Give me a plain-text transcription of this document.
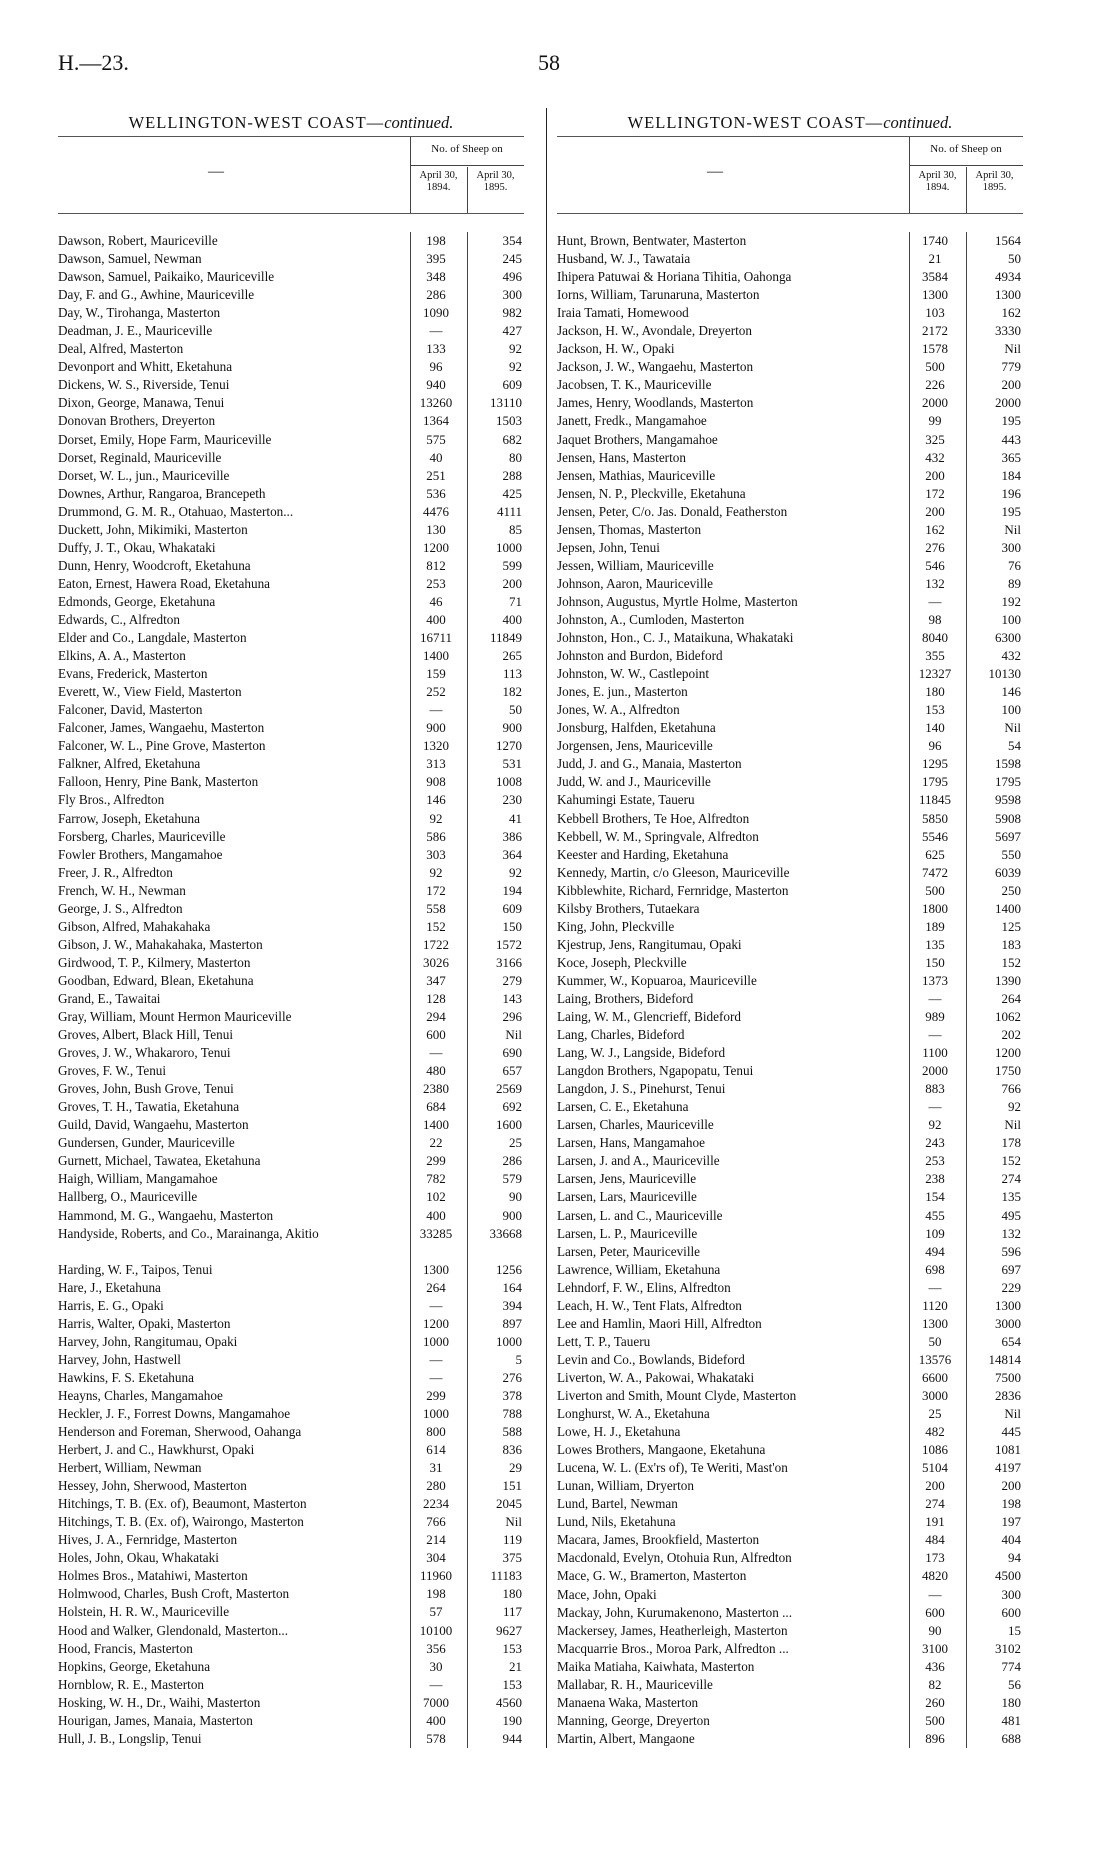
H.—23.	58
WELLINGTON-WEST COAST—continued.
—
No. of Sheep on
April 30, 1894.
April 30, 1895.
Dawson, Robert, Mauriceville	198	354
Dawson, Samuel, Newman	395	245
Dawson, Samuel, Paikaiko, Mauriceville	348	496
Day, F. and G., Awhine, Mauriceville	286	300
Day, W., Tirohanga, Masterton	1090	982
Deadman, J. E., Mauriceville	—	427
Deal, Alfred, Masterton	133	92
Devonport and Whitt, Eketahuna	96	92
Dickens, W. S., Riverside, Tenui	940	609
Dixon, George, Manawa, Tenui	13260	13110
Donovan Brothers, Dreyerton	1364	1503
Dorset, Emily, Hope Farm, Mauriceville	575	682
Dorset, Reginald, Mauriceville	40	80
Dorset, W. L., jun., Mauriceville	251	288
Downes, Arthur, Rangaroa, Brancepeth	536	425
Drummond, G. M. R., Otahuao, Masterton...	4476	4111
Duckett, John, Mikimiki, Masterton	130	85
Duffy, J. T., Okau, Whakataki	1200	1000
Dunn, Henry, Woodcroft, Eketahuna	812	599
Eaton, Ernest, Hawera Road, Eketahuna	253	200
Edmonds, George, Eketahuna	46	71
Edwards, C., Alfredton	400	400
Elder and Co., Langdale, Masterton	16711	11849
Elkins, A. A., Masterton	1400	265
Evans, Frederick, Masterton	159	113
Everett, W., View Field, Masterton	252	182
Falconer, David, Masterton	—	50
Falconer, James, Wangaehu, Masterton	900	900
Falconer, W. L., Pine Grove, Masterton	1320	1270
Falkner, Alfred, Eketahuna	313	531
Falloon, Henry, Pine Bank, Masterton	908	1008
Fly Bros., Alfredton	146	230
Farrow, Joseph, Eketahuna	92	41
Forsberg, Charles, Mauriceville	586	386
Fowler Brothers, Mangamahoe	303	364
Freer, J. R., Alfredton	92	92
French, W. H., Newman	172	194
George, J. S., Alfredton	558	609
Gibson, Alfred, Mahakahaka	152	150
Gibson, J. W., Mahakahaka, Masterton	1722	1572
Girdwood, T. P., Kilmery, Masterton	3026	3166
Goodban, Edward, Blean, Eketahuna	347	279
Grand, E., Tawaitai	128	143
Gray, William, Mount Hermon Mauriceville	294	296
Groves, Albert, Black Hill, Tenui	600	Nil
Groves, J. W., Whakaroro, Tenui	—	690
Groves, F. W., Tenui	480	657
Groves, John, Bush Grove, Tenui	2380	2569
Groves, T. H., Tawatia, Eketahuna	684	692
Guild, David, Wangaehu, Masterton	1400	1600
Gundersen, Gunder, Mauriceville	22	25
Gurnett, Michael, Tawatea, Eketahuna	299	286
Haigh, William, Mangamahoe	782	579
Hallberg, O., Mauriceville	102	90
Hammond, M. G., Wangaehu, Masterton	400	900
Handyside, Roberts, and Co., Marainanga, Akitio	33285	33668
Harding, W. F., Taipos, Tenui	1300	1256
Hare, J., Eketahuna	264	164
Harris, E. G., Opaki	—	394
Harris, Walter, Opaki, Masterton	1200	897
Harvey, John, Rangitumau, Opaki	1000	1000
Harvey, John, Hastwell	—	5
Hawkins, F. S. Eketahuna	—	276
Heayns, Charles, Mangamahoe	299	378
Heckler, J. F., Forrest Downs, Mangamahoe	1000	788
Henderson and Foreman, Sherwood, Oahanga	800	588
Herbert, J. and C., Hawkhurst, Opaki	614	836
Herbert, William, Newman	31	29
Hessey, John, Sherwood, Masterton	280	151
Hitchings, T. B. (Ex. of), Beaumont, Masterton	2234	2045
Hitchings, T. B. (Ex. of), Wairongo, Masterton	766	Nil
Hives, J. A., Fernridge, Masterton	214	119
Holes, John, Okau, Whakataki	304	375
Holmes Bros., Matahiwi, Masterton	11960	11183
Holmwood, Charles, Bush Croft, Masterton	198	180
Holstein, H. R. W., Mauriceville	57	117
Hood and Walker, Glendonald, Masterton...	10100	9627
Hood, Francis, Masterton	356	153
Hopkins, George, Eketahuna	30	21
Hornblow, R. E., Masterton	—	153
Hosking, W. H., Dr., Waihi, Masterton	7000	4560
Hourigan, James, Manaia, Masterton	400	190
Hull, J. B., Longslip, Tenui	578	944
WELLINGTON-WEST COAST—continued.
—
No. of Sheep on
April 30, 1894.
April 30, 1895.
Hunt, Brown, Bentwater, Masterton	1740	1564
Husband, W. J., Tawataia	21	50
Ihipera Patuwai & Horiana Tihitia, Oahonga	3584	4934
Iorns, William, Tarunaruna, Masterton	1300	1300
Iraia Tamati, Homewood	103	162
Jackson, H. W., Avondale, Dreyerton	2172	3330
Jackson, H. W., Opaki	1578	Nil
Jackson, J. W., Wangaehu, Masterton	500	779
Jacobsen, T. K., Mauriceville	226	200
James, Henry, Woodlands, Masterton	2000	2000
Janett, Fredk., Mangamahoe	99	195
Jaquet Brothers, Mangamahoe	325	443
Jensen, Hans, Masterton	432	365
Jensen, Mathias, Mauriceville	200	184
Jensen, N. P., Pleckville, Eketahuna	172	196
Jensen, Peter, C/o. Jas. Donald, Featherston	200	195
Jensen, Thomas, Masterton	162	Nil
Jepsen, John, Tenui	276	300
Jessen, William, Mauriceville	546	76
Johnson, Aaron, Mauriceville	132	89
Johnson, Augustus, Myrtle Holme, Masterton	—	192
Johnston, A., Cumloden, Masterton	98	100
Johnston, Hon., C. J., Mataikuna, Whakataki	8040	6300
Johnston and Burdon, Bideford	355	432
Johnston, W. W., Castlepoint	12327	10130
Jones, E. jun., Masterton	180	146
Jones, W. A., Alfredton	153	100
Jonsburg, Halfden, Eketahuna	140	Nil
Jorgensen, Jens, Mauriceville	96	54
Judd, J. and G., Manaia, Masterton	1295	1598
Judd, W. and J., Mauriceville	1795	1795
Kahumingi Estate, Taueru	11845	9598
Kebbell Brothers, Te Hoe, Alfredton	5850	5908
Kebbell, W. M., Springvale, Alfredton	5546	5697
Keester and Harding, Eketahuna	625	550
Kennedy, Martin, c/o Gleeson, Mauriceville	7472	6039
Kibblewhite, Richard, Fernridge, Masterton	500	250
Kilsby Brothers, Tutaekara	1800	1400
King, John, Pleckville	189	125
Kjestrup, Jens, Rangitumau, Opaki	135	183
Koce, Joseph, Pleckville	150	152
Kummer, W., Kopuaroa, Mauriceville	1373	1390
Laing, Brothers, Bideford	—	264
Laing, W. M., Glencrieff, Bideford	989	1062
Lang, Charles, Bideford	—	202
Lang, W. J., Langside, Bideford	1100	1200
Langdon Brothers, Ngapopatu, Tenui	2000	1750
Langdon, J. S., Pinehurst, Tenui	883	766
Larsen, C. E., Eketahuna	—	92
Larsen, Charles, Mauriceville	92	Nil
Larsen, Hans, Mangamahoe	243	178
Larsen, J. and A., Mauriceville	253	152
Larsen, Jens, Mauriceville	238	274
Larsen, Lars, Mauriceville	154	135
Larsen, L. and C., Mauriceville	455	495
Larsen, L. P., Mauriceville	109	132
Larsen, Peter, Mauriceville	494	596
Lawrence, William, Eketahuna	698	697
Lehndorf, F. W., Elins, Alfredton	—	229
Leach, H. W., Tent Flats, Alfredton	1120	1300
Lee and Hamlin, Maori Hill, Alfredton	1300	3000
Lett, T. P., Taueru	50	654
Levin and Co., Bowlands, Bideford	13576	14814
Liverton, W. A., Pakowai, Whakataki	6600	7500
Liverton and Smith, Mount Clyde, Masterton	3000	2836
Longhurst, W. A., Eketahuna	25	Nil
Lowe, H. J., Eketahuna	482	445
Lowes Brothers, Mangaone, Eketahuna	1086	1081
Lucena, W. L. (Ex'rs of), Te Weriti, Mast'on	5104	4197
Lunan, William, Dryerton	200	200
Lund, Bartel, Newman	274	198
Lund, Nils, Eketahuna	191	197
Macara, James, Brookfield, Masterton	484	404
Macdonald, Evelyn, Otohuia Run, Alfredton	173	94
Mace, G. W., Bramerton, Masterton	4820	4500
Mace, John, Opaki	—	300
Mackay, John, Kurumakenono, Masterton ...	600	600
Mackersey, James, Heatherleigh, Masterton	90	15
Macquarrie Bros., Moroa Park, Alfredton ...	3100	3102
Maika Matiaha, Kaiwhata, Masterton	436	774
Mallabar, R. H., Mauriceville	82	56
Manaena Waka, Masterton	260	180
Manning, George, Dreyerton	500	481
Martin, Albert, Mangaone	896	688
